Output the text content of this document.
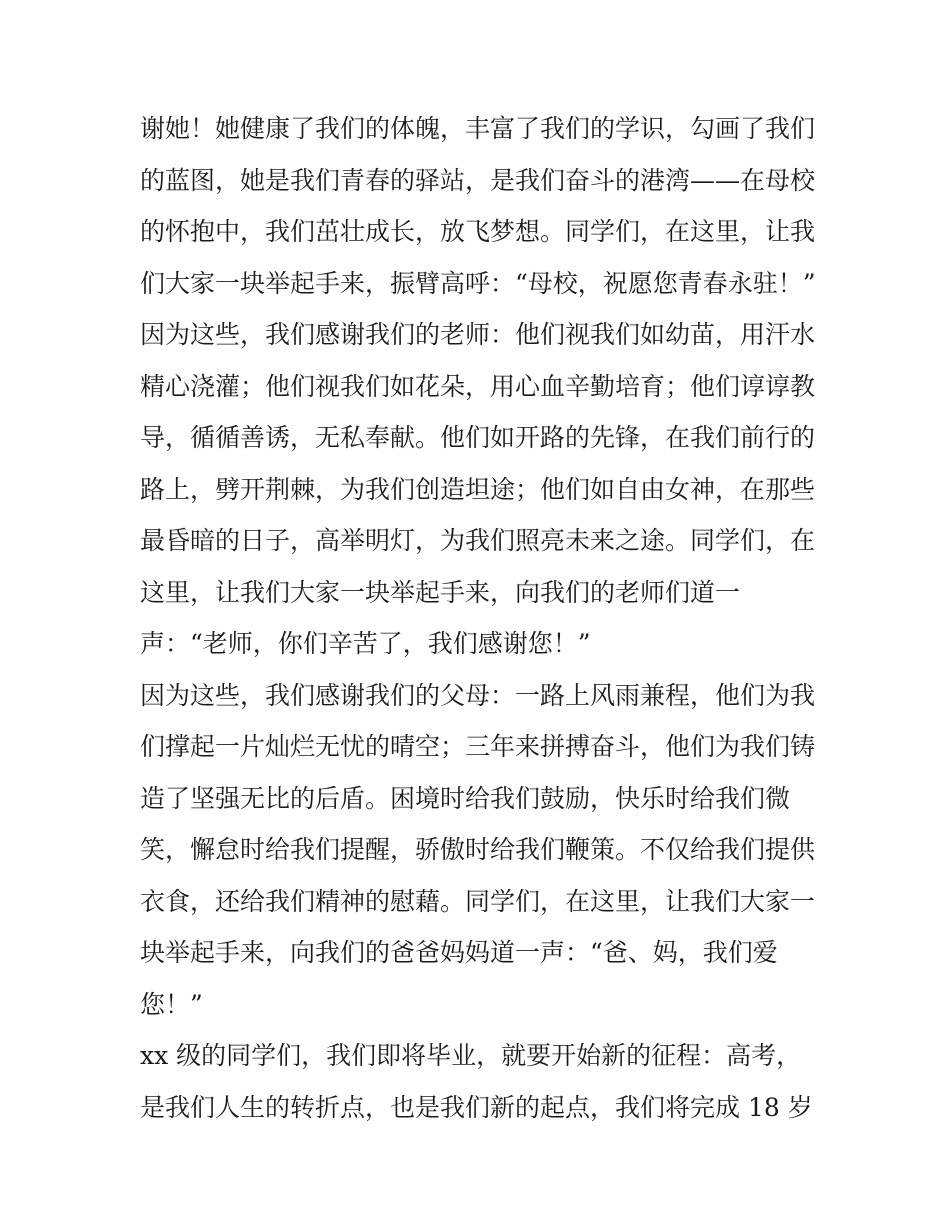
谢她！她健康了我们的体魄，丰富了我们的学识，勾画了我们
的蓝图，她是我们青春的驿站，是我们奋斗的港湾——在母校
的怀抱中，我们茁壮成长，放飞梦想。同学们，在这里，让我
们大家一块举起手来，振臂高呼：“母校，祝愿您青春永驻！”
因为这些，我们感谢我们的老师：他们视我们如幼苗，用汗水
精心浇灌；他们视我们如花朵，用心血辛勤培育；他们谆谆教
导，循循善诱，无私奉献。他们如开路的先锋，在我们前行的
路上，劈开荆棘，为我们创造坦途；他们如自由女神，在那些
最昏暗的日子，高举明灯，为我们照亮未来之途。同学们，在
这里，让我们大家一块举起手来，向我们的老师们道一
声：“老师，你们辛苦了，我们感谢您！”
因为这些，我们感谢我们的父母：一路上风雨兼程，他们为我
们撑起一片灿烂无忧的晴空；三年来拼搏奋斗，他们为我们铸
造了坚强无比的后盾。困境时给我们鼓励，快乐时给我们微
笑，懈怠时给我们提醒，骄傲时给我们鞭策。不仅给我们提供
衣食，还给我们精神的慰藉。同学们，在这里，让我们大家一
块举起手来，向我们的爸爸妈妈道一声：“爸、妈，我们爱
您！”
xx 级的同学们，我们即将毕业，就要开始新的征程：高考，
是我们人生的转折点，也是我们新的起点，我们将完成 18 岁
